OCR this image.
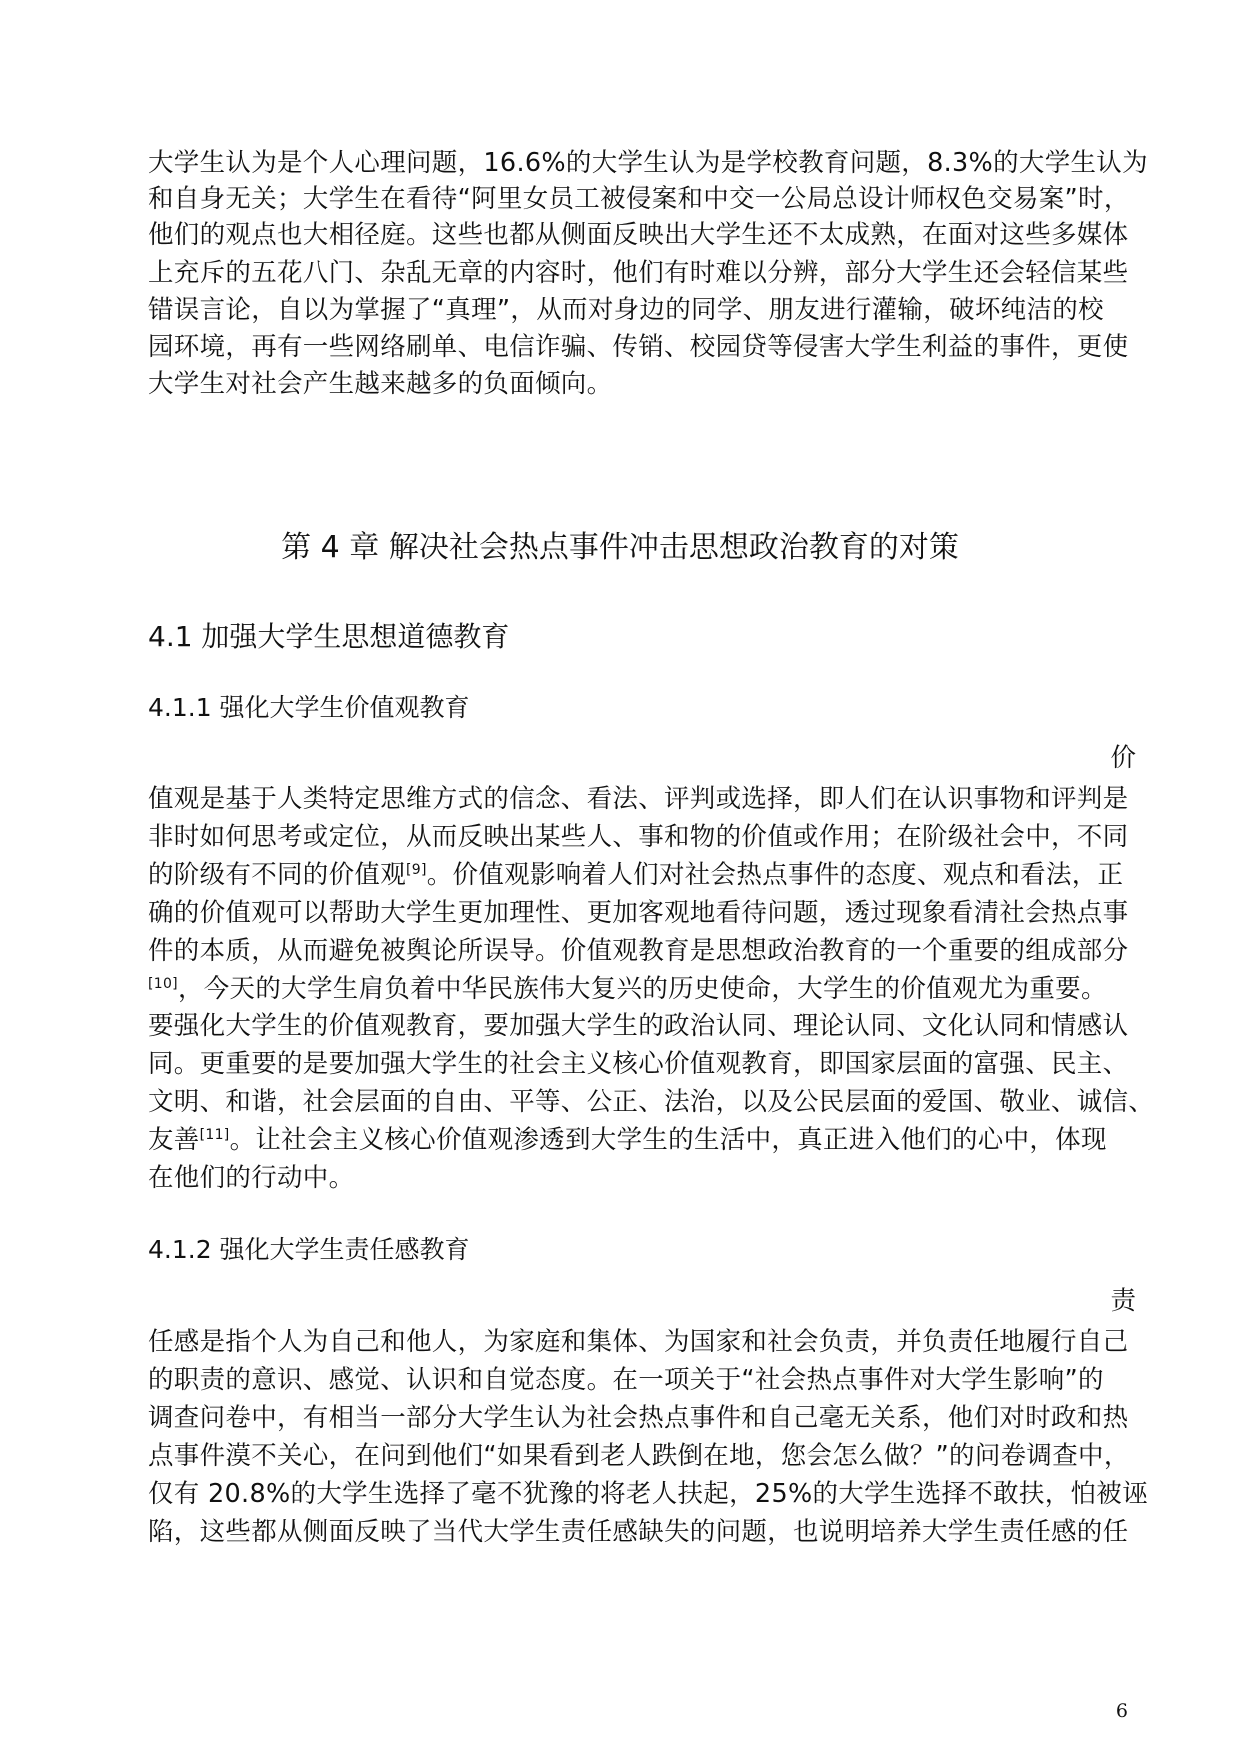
大学生认为是个人心理问题，16.6%的大学生认为是学校教育问题，8.3%的大学生认为
和自身无关；大学生在看待“阿里女员工被侵案和中交一公局总设计师权色交易案”时，
他们的观点也大相径庭。这些也都从侧面反映出大学生还不太成熟，在面对这些多媒体
上充斥的五花八门、杂乱无章的内容时，他们有时难以分辨，部分大学生还会轻信某些
错误言论，自以为掌握了“真理”，从而对身边的同学、朋友进行灌输，破坏纯洁的校
园环境，再有一些网络刷单、电信诈骗、传销、校园贷等侵害大学生利益的事件，更使
大学生对社会产生越来越多的负面倾向。
第 4 章 解决社会热点事件冲击思想政治教育的对策
4.1 加强大学生思想道德教育
4.1.1 强化大学生价值观教育
价
值观是基于人类特定思维方式的信念、看法、评判或选择，即人们在认识事物和评判是
非时如何思考或定位，从而反映出某些人、事和物的价值或作用；在阶级社会中，不同
的阶级有不同的价值观[9]。价值观影响着人们对社会热点事件的态度、观点和看法，正
确的价值观可以帮助大学生更加理性、更加客观地看待问题，透过现象看清社会热点事
件的本质，从而避免被舆论所误导。价值观教育是思想政治教育的一个重要的组成部分
[10]，今天的大学生肩负着中华民族伟大复兴的历史使命，大学生的价值观尤为重要。
要强化大学生的价值观教育，要加强大学生的政治认同、理论认同、文化认同和情感认
同。更重要的是要加强大学生的社会主义核心价值观教育，即国家层面的富强、民主、
文明、和谐，社会层面的自由、平等、公正、法治，以及公民层面的爱国、敬业、诚信、
友善[11]。让社会主义核心价值观渗透到大学生的生活中，真正进入他们的心中，体现
在他们的行动中。
4.1.2 强化大学生责任感教育
责
任感是指个人为自己和他人，为家庭和集体、为国家和社会负责，并负责任地履行自己
的职责的意识、感觉、认识和自觉态度。在一项关于“社会热点事件对大学生影响”的
调查问卷中，有相当一部分大学生认为社会热点事件和自己毫无关系，他们对时政和热
点事件漠不关心，在问到他们“如果看到老人跌倒在地，您会怎么做？”的问卷调查中，
仅有 20.8%的大学生选择了毫不犹豫的将老人扶起，25%的大学生选择不敢扶，怕被诬
陷，这些都从侧面反映了当代大学生责任感缺失的问题，也说明培养大学生责任感的任
6
